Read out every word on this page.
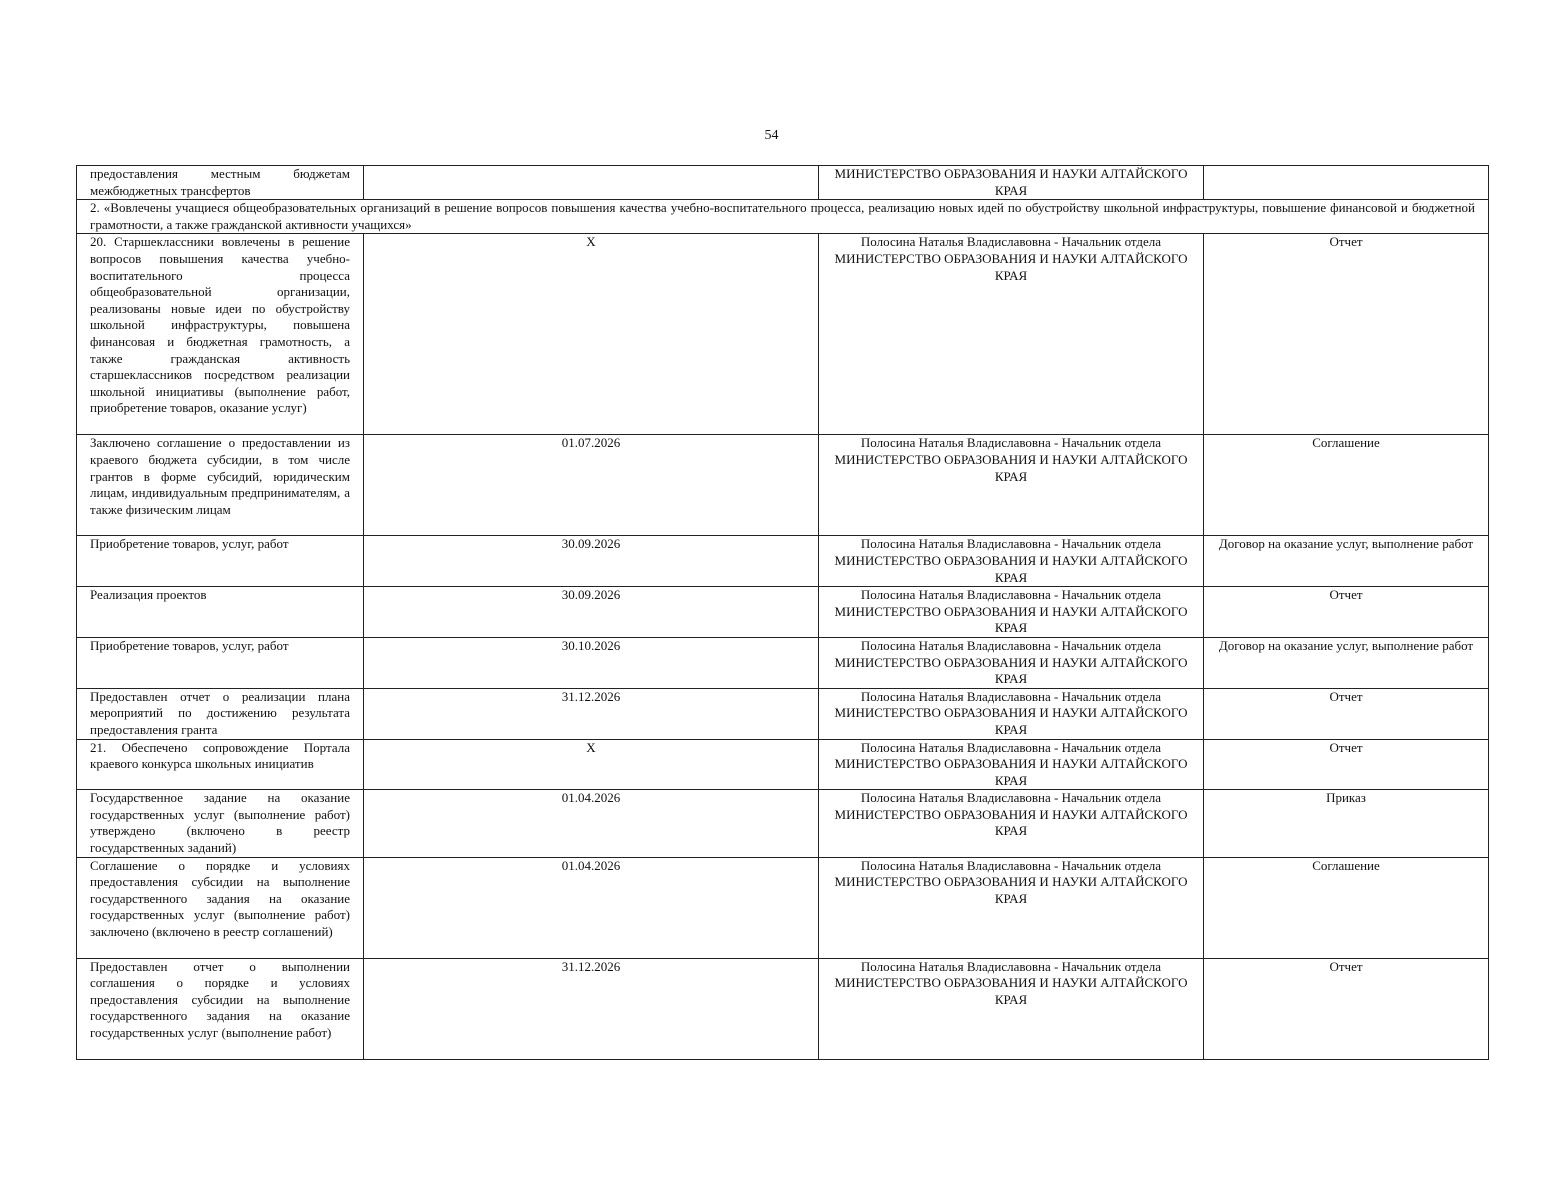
54
предоставления местным бюджетам межбюджетных трансфертов		МИНИСТЕРСТВО ОБРАЗОВАНИЯ И НАУКИ АЛТАЙСКОГО КРАЯ	
2. «Вовлечены учащиеся общеобразовательных организаций в решение вопросов повышения качества учебно-воспитательного процесса, реализацию новых идей по обустройству школьной инфраструктуры, повышение финансовой и бюджетной грамотности, а также гражданской активности учащихся»			
20. Старшеклассники вовлечены в решение вопросов повышения качества учебно-воспитательного процесса общеобразовательной организации, реализованы новые идеи по обустройству школьной инфраструктуры, повышена финансовая и бюджетная грамотность, а также гражданская активность старшеклассников посредством реализации школьной инициативы (выполнение работ, приобретение товаров, оказание услуг)	X	Полосина Наталья Владиславовна - Начальник отдела
МИНИСТЕРСТВО ОБРАЗОВАНИЯ И НАУКИ АЛТАЙСКОГО КРАЯ	Отчет
Заключено соглашение о предоставлении из краевого бюджета субсидии, в том числе грантов в форме субсидий, юридическим лицам, индивидуальным предпринимателям, а также физическим лицам	01.07.2026	Полосина Наталья Владиславовна - Начальник отдела
МИНИСТЕРСТВО ОБРАЗОВАНИЯ И НАУКИ АЛТАЙСКОГО КРАЯ	Соглашение
Приобретение товаров, услуг, работ	30.09.2026	Полосина Наталья Владиславовна - Начальник отдела
МИНИСТЕРСТВО ОБРАЗОВАНИЯ И НАУКИ АЛТАЙСКОГО КРАЯ	Договор на оказание услуг, выполнение работ
Реализация проектов	30.09.2026	Полосина Наталья Владиславовна - Начальник отдела
МИНИСТЕРСТВО ОБРАЗОВАНИЯ И НАУКИ АЛТАЙСКОГО КРАЯ	Отчет
Приобретение товаров, услуг, работ	30.10.2026	Полосина Наталья Владиславовна - Начальник отдела
МИНИСТЕРСТВО ОБРАЗОВАНИЯ И НАУКИ АЛТАЙСКОГО КРАЯ	Договор на оказание услуг, выполнение работ
Предоставлен отчет о реализации плана мероприятий по достижению результата предоставления гранта	31.12.2026	Полосина Наталья Владиславовна - Начальник отдела
МИНИСТЕРСТВО ОБРАЗОВАНИЯ И НАУКИ АЛТАЙСКОГО КРАЯ	Отчет
21. Обеспечено сопровождение Портала краевого конкурса школьных инициатив	X	Полосина Наталья Владиславовна - Начальник отдела
МИНИСТЕРСТВО ОБРАЗОВАНИЯ И НАУКИ АЛТАЙСКОГО КРАЯ	Отчет
Государственное задание на оказание государственных услуг (выполнение работ) утверждено (включено в реестр государственных заданий)	01.04.2026	Полосина Наталья Владиславовна - Начальник отдела
МИНИСТЕРСТВО ОБРАЗОВАНИЯ И НАУКИ АЛТАЙСКОГО КРАЯ	Приказ
Соглашение о порядке и условиях предоставления субсидии на выполнение государственного задания на оказание государственных услуг (выполнение работ) заключено (включено в реестр соглашений)	01.04.2026	Полосина Наталья Владиславовна - Начальник отдела
МИНИСТЕРСТВО ОБРАЗОВАНИЯ И НАУКИ АЛТАЙСКОГО КРАЯ	Соглашение
Предоставлен отчет о выполнении соглашения о порядке и условиях предоставления субсидии на выполнение государственного задания на оказание государственных услуг (выполнение работ)	31.12.2026	Полосина Наталья Владиславовна - Начальник отдела
МИНИСТЕРСТВО ОБРАЗОВАНИЯ И НАУКИ АЛТАЙСКОГО КРАЯ	Отчет
